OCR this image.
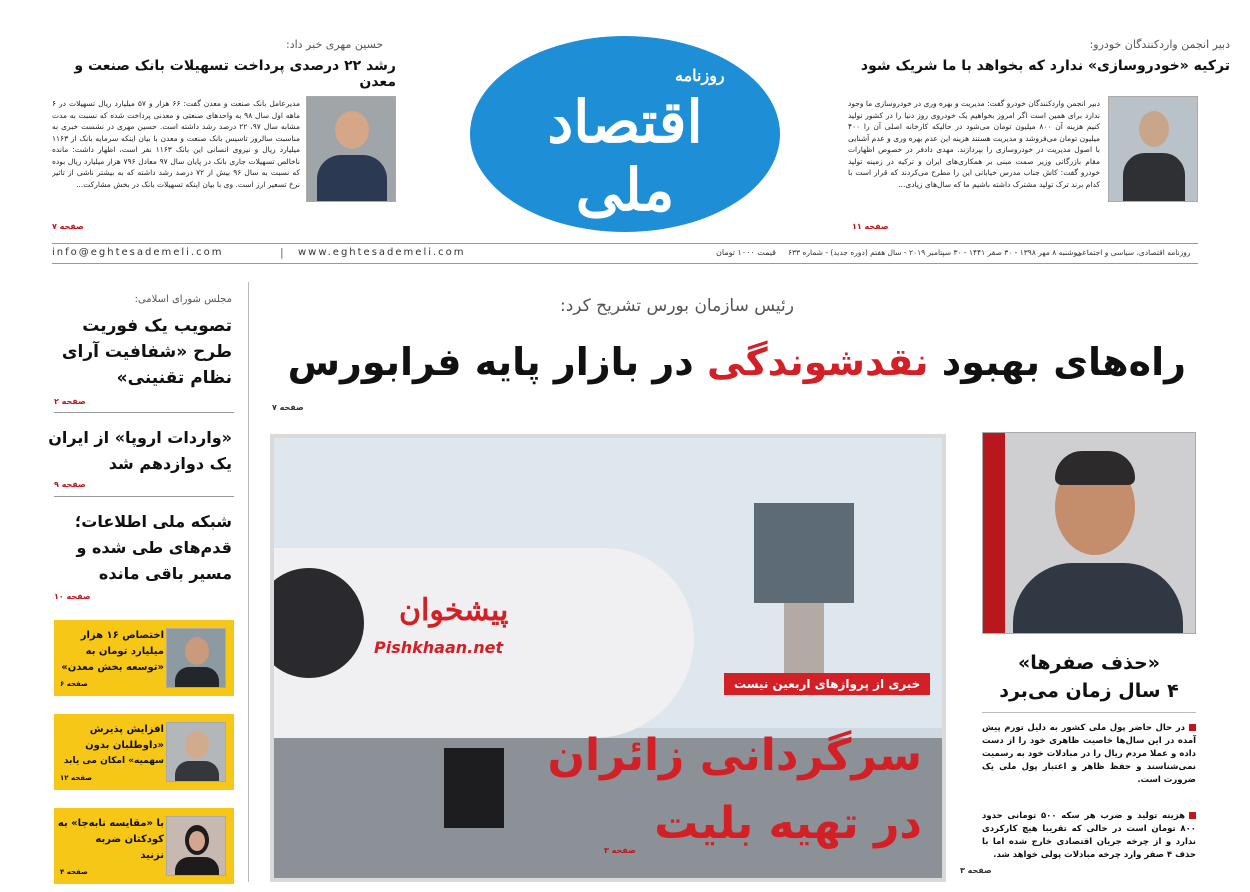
روزنامه
اقتصاد ملی
دبیر انجمن واردکنندگان خودرو:
ترکیه «خودروسازی» ندارد که بخواهد با ما شریک شود
دبیر انجمن واردکنندگان خودرو گفت: مدیریت و بهره وری در خودروسازی ما وجود ندارد برای همین است اگر امروز بخواهیم یک خودروی روز دنیا را در کشور تولید کنیم هزینه آن ۸۰۰ میلیون تومان می‌شود در حالیکه کارخانه اصلی آن را ۴۰۰ میلیون تومان می‌فروشد و مدیریت هستند هزینه این عدم بهره وری و عدم آشنایی با اصول مدیریت در خودروسازی را بپردازند. مهدی دادفر در خصوص اظهارات مقام بازرگانی وزیر صمت مبنی بر همکاری‌های ایران و ترکیه در زمینه تولید خودرو گفت: کاش جناب مدرس خیابانی این را مطرح می‌کردند که قرار است با کدام برند ترک تولید مشترک داشته باشیم ما که سال‌های زیادی...
صفحه ۱۱
حسین مهری خبر داد:
رشد ۲۲ درصدی پرداخت تسهیلات بانک صنعت و معدن
مدیرعامل بانک صنعت و معدن گفت: ۶۶ هزار و ۵۷ میلیارد ریال تسهیلات در ۶ ماهه اول سال ۹۸ به واحدهای صنعتی و معدنی پرداخت شده که نسبت به مدت مشابه سال ۹۷، ۲۲ درصد رشد داشته است. حسین مهری در نشست خبری به مناسبت سالروز تاسیس بانک صنعت و معدن با بیان اینکه سرمایه بانک از ۱۱۶۳ میلیارد ریال و نیروی انسانی این بانک ۱۱۶۳ نفر است، اظهار داشت: مانده ناخالص تسهیلات جاری بانک در پایان سال ۹۷ معادل ۷۹۶ هزار میلیارد ریال بوده که نسبت به سال ۹۶ بیش از ۷۲ درصد رشد داشته که به بیشتر ناشی از تاثیر نرخ تسعیر ارز است. وی با بیان اینکه تسهیلات بانک در بخش مشارکت...
صفحه ۷
info@eghtesademeli.com	| www.eghtesademeli.com	قیمت ۱۰۰۰ تومان دوشنبه ۸ مهر ۱۳۹۸ - ۳۰ صفر ۱۴۴۱ - ۳۰ سپتامبر ۲۰۱۹ - سال هفتم (دوره جدید) - شماره ۶۳۳
روزنامه اقتصادی، سیاسی و اجتماعی
رئیس سازمان بورس تشریح کرد:
راه‌های بهبود نقدشوندگی در بازار پایه فرابورس
صفحه ۷
پیشخوان
Pishkhaan.net
خبری از پروازهای اربعین نیست
سرگردانی زائران
در تهیه بلیت
صفحه ۳
«حذف صفرها»
۴ سال زمان می‌برد
در حال حاضر پول ملی کشور به دلیل تورم پیش آمده در این سال‌ها خاصیت ظاهری خود را از دست داده و عملا مردم ریال را در مبادلات خود به رسمیت نمی‌شناسند و حفظ ظاهر و اعتبار پول ملی یک ضرورت است.
هزینه تولید و ضرب هر سکه ۵۰۰ تومانی حدود ۸۰۰ تومان است در حالی که تقریبا هیچ کارکردی ندارد و از چرخه جریان اقتصادی خارج شده اما با حذف ۴ صفر وارد چرخه مبادلات پولی خواهد شد.
صفحه ۳
مجلس شورای اسلامی:
تصویب یک فوریت
طرح «شفافیت آرای
نظام تقنینی»
صفحه ۲
«واردات اروپا» از ایران
یک دوازدهم شد
صفحه ۹
شبکه ملی اطلاعات؛
قدم‌های طی شده و
مسیر باقی مانده
صفحه ۱۰
اختصاص ۱۶ هزار
میلیارد تومان به
«توسعه بخش معدن»
صفحه ۶
افزایش پذیرش
«داوطلبان بدون
سهمیه» امکان می یابد
صفحه ۱۲
با «مقایسه نابه‌جا» به
کودکتان ضربه
نزنید
صفحه ۴
